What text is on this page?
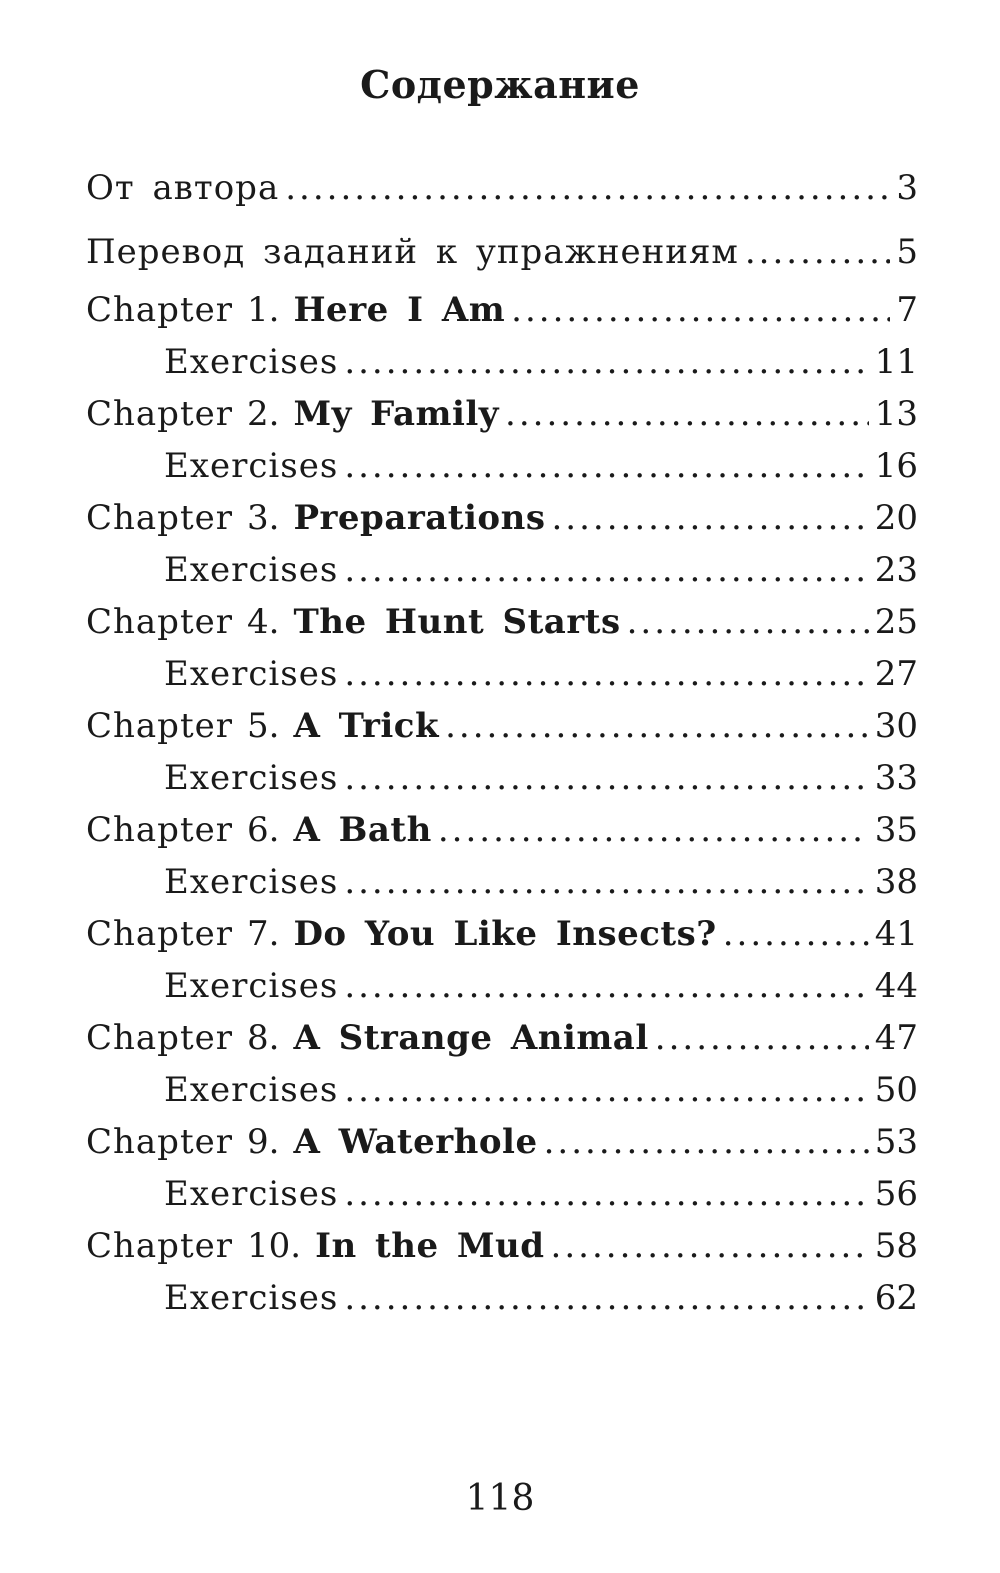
Содержание
От автора .....	3
Перевод заданий к упражнениям .....	5
Chapter 1. Here I Am .....	7
Exercises .....	11
Chapter 2. My Family .....	13
Exercises .....	16
Chapter 3. Preparations .....	20
Exercises .....	23
Chapter 4. The Hunt Starts .....	25
Exercises .....	27
Chapter 5. A Trick .....	30
Exercises .....	33
Chapter 6. A Bath .....	35
Exercises .....	38
Chapter 7. Do You Like Insects? .....	41
Exercises .....	44
Chapter 8. A Strange Animal .....	47
Exercises .....	50
Chapter 9. A Waterhole .....	53
Exercises .....	56
Chapter 10. In the Mud .....	58
Exercises .....	62
118
